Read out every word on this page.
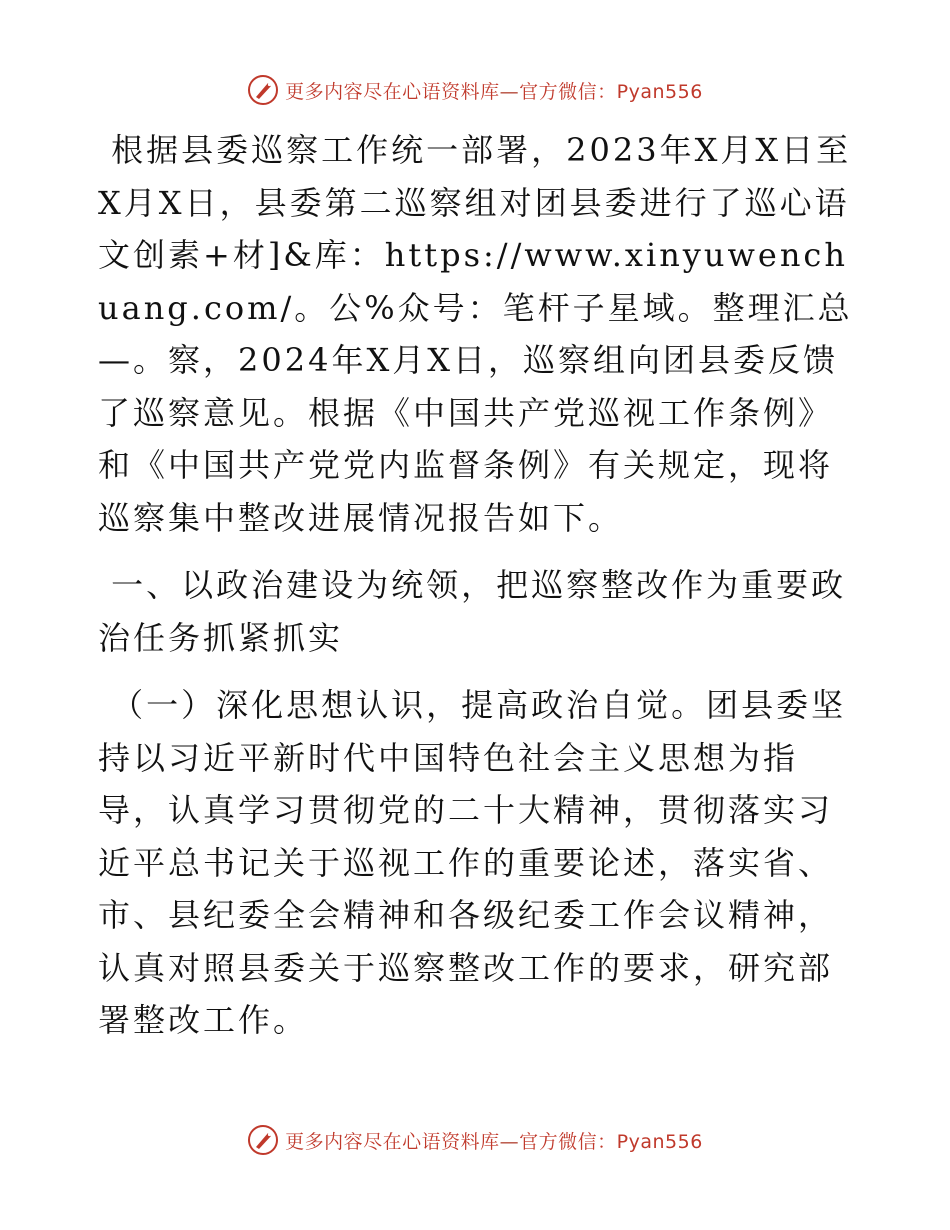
更多内容尽在心语资料库—官方微信：Pyan556

根据县委巡察工作统一部署，2023年X月X日至X月X日，县委第二巡察组对团县委进行了巡心语文创素+材]&库：https://www.xinyuwenchuang.com/。公%众号：笔杆子星域。整理汇总—。察，2024年X月X日，巡察组向团县委反馈了巡察意见。根据《中国共产党巡视工作条例》和《中国共产党党内监督条例》有关规定，现将巡察集中整改进展情况报告如下。

一、以政治建设为统领，把巡察整改作为重要政治任务抓紧抓实

（一）深化思想认识，提高政治自觉。团县委坚持以习近平新时代中国特色社会主义思想为指导，认真学习贯彻党的二十大精神，贯彻落实习近平总书记关于巡视工作的重要论述，落实省、市、县纪委全会精神和各级纪委工作会议精神，认真对照县委关于巡察整改工作的要求，研究部署整改工作。

更多内容尽在心语资料库—官方微信：Pyan556
